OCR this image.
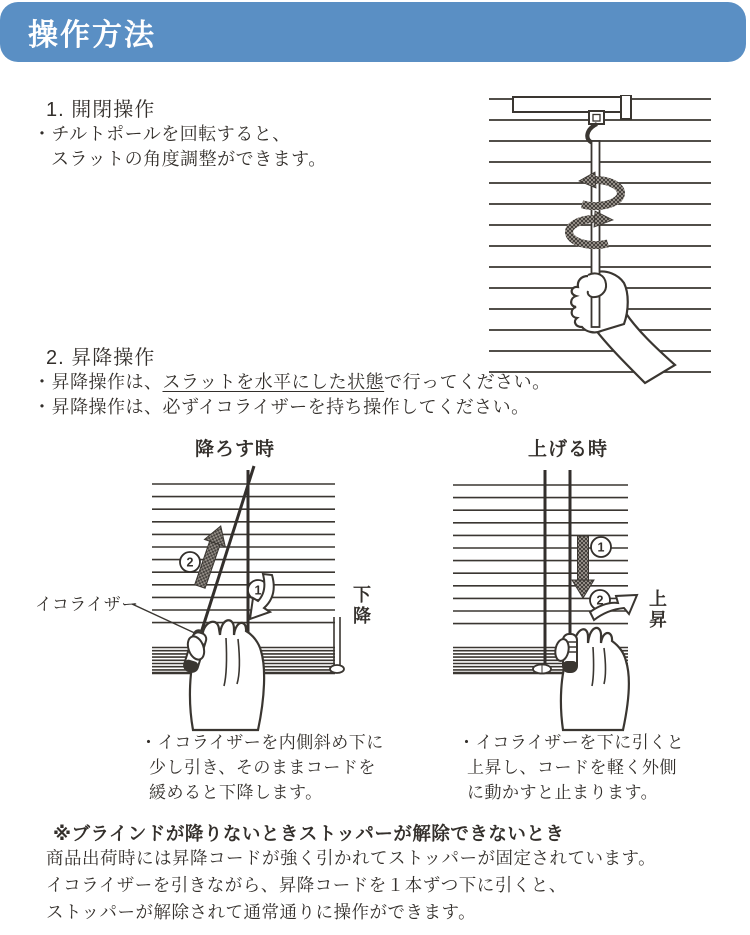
操作方法
1. 開閉操作
・チルトポールを回転すると、
スラットの角度調整ができます。
2. 昇降操作
・昇降操作は、スラットを水平にした状態で行ってください。
・昇降操作は、必ずイコライザーを持ち操作してください。
降ろす時	上げる時
2
1
1
2
イコライザー	下降	上昇
・イコライザーを内側斜め下に
少し引き、そのままコードを
緩めると下降します。
・イコライザーを下に引くと
上昇し、コードを軽く外側
に動かすと止まります。
※ブラインドが降りないときストッパーが解除できないとき
商品出荷時には昇降コードが強く引かれてストッパーが固定されています。
イコライザーを引きながら、昇降コードを１本ずつ下に引くと、
ストッパーが解除されて通常通りに操作ができます。
